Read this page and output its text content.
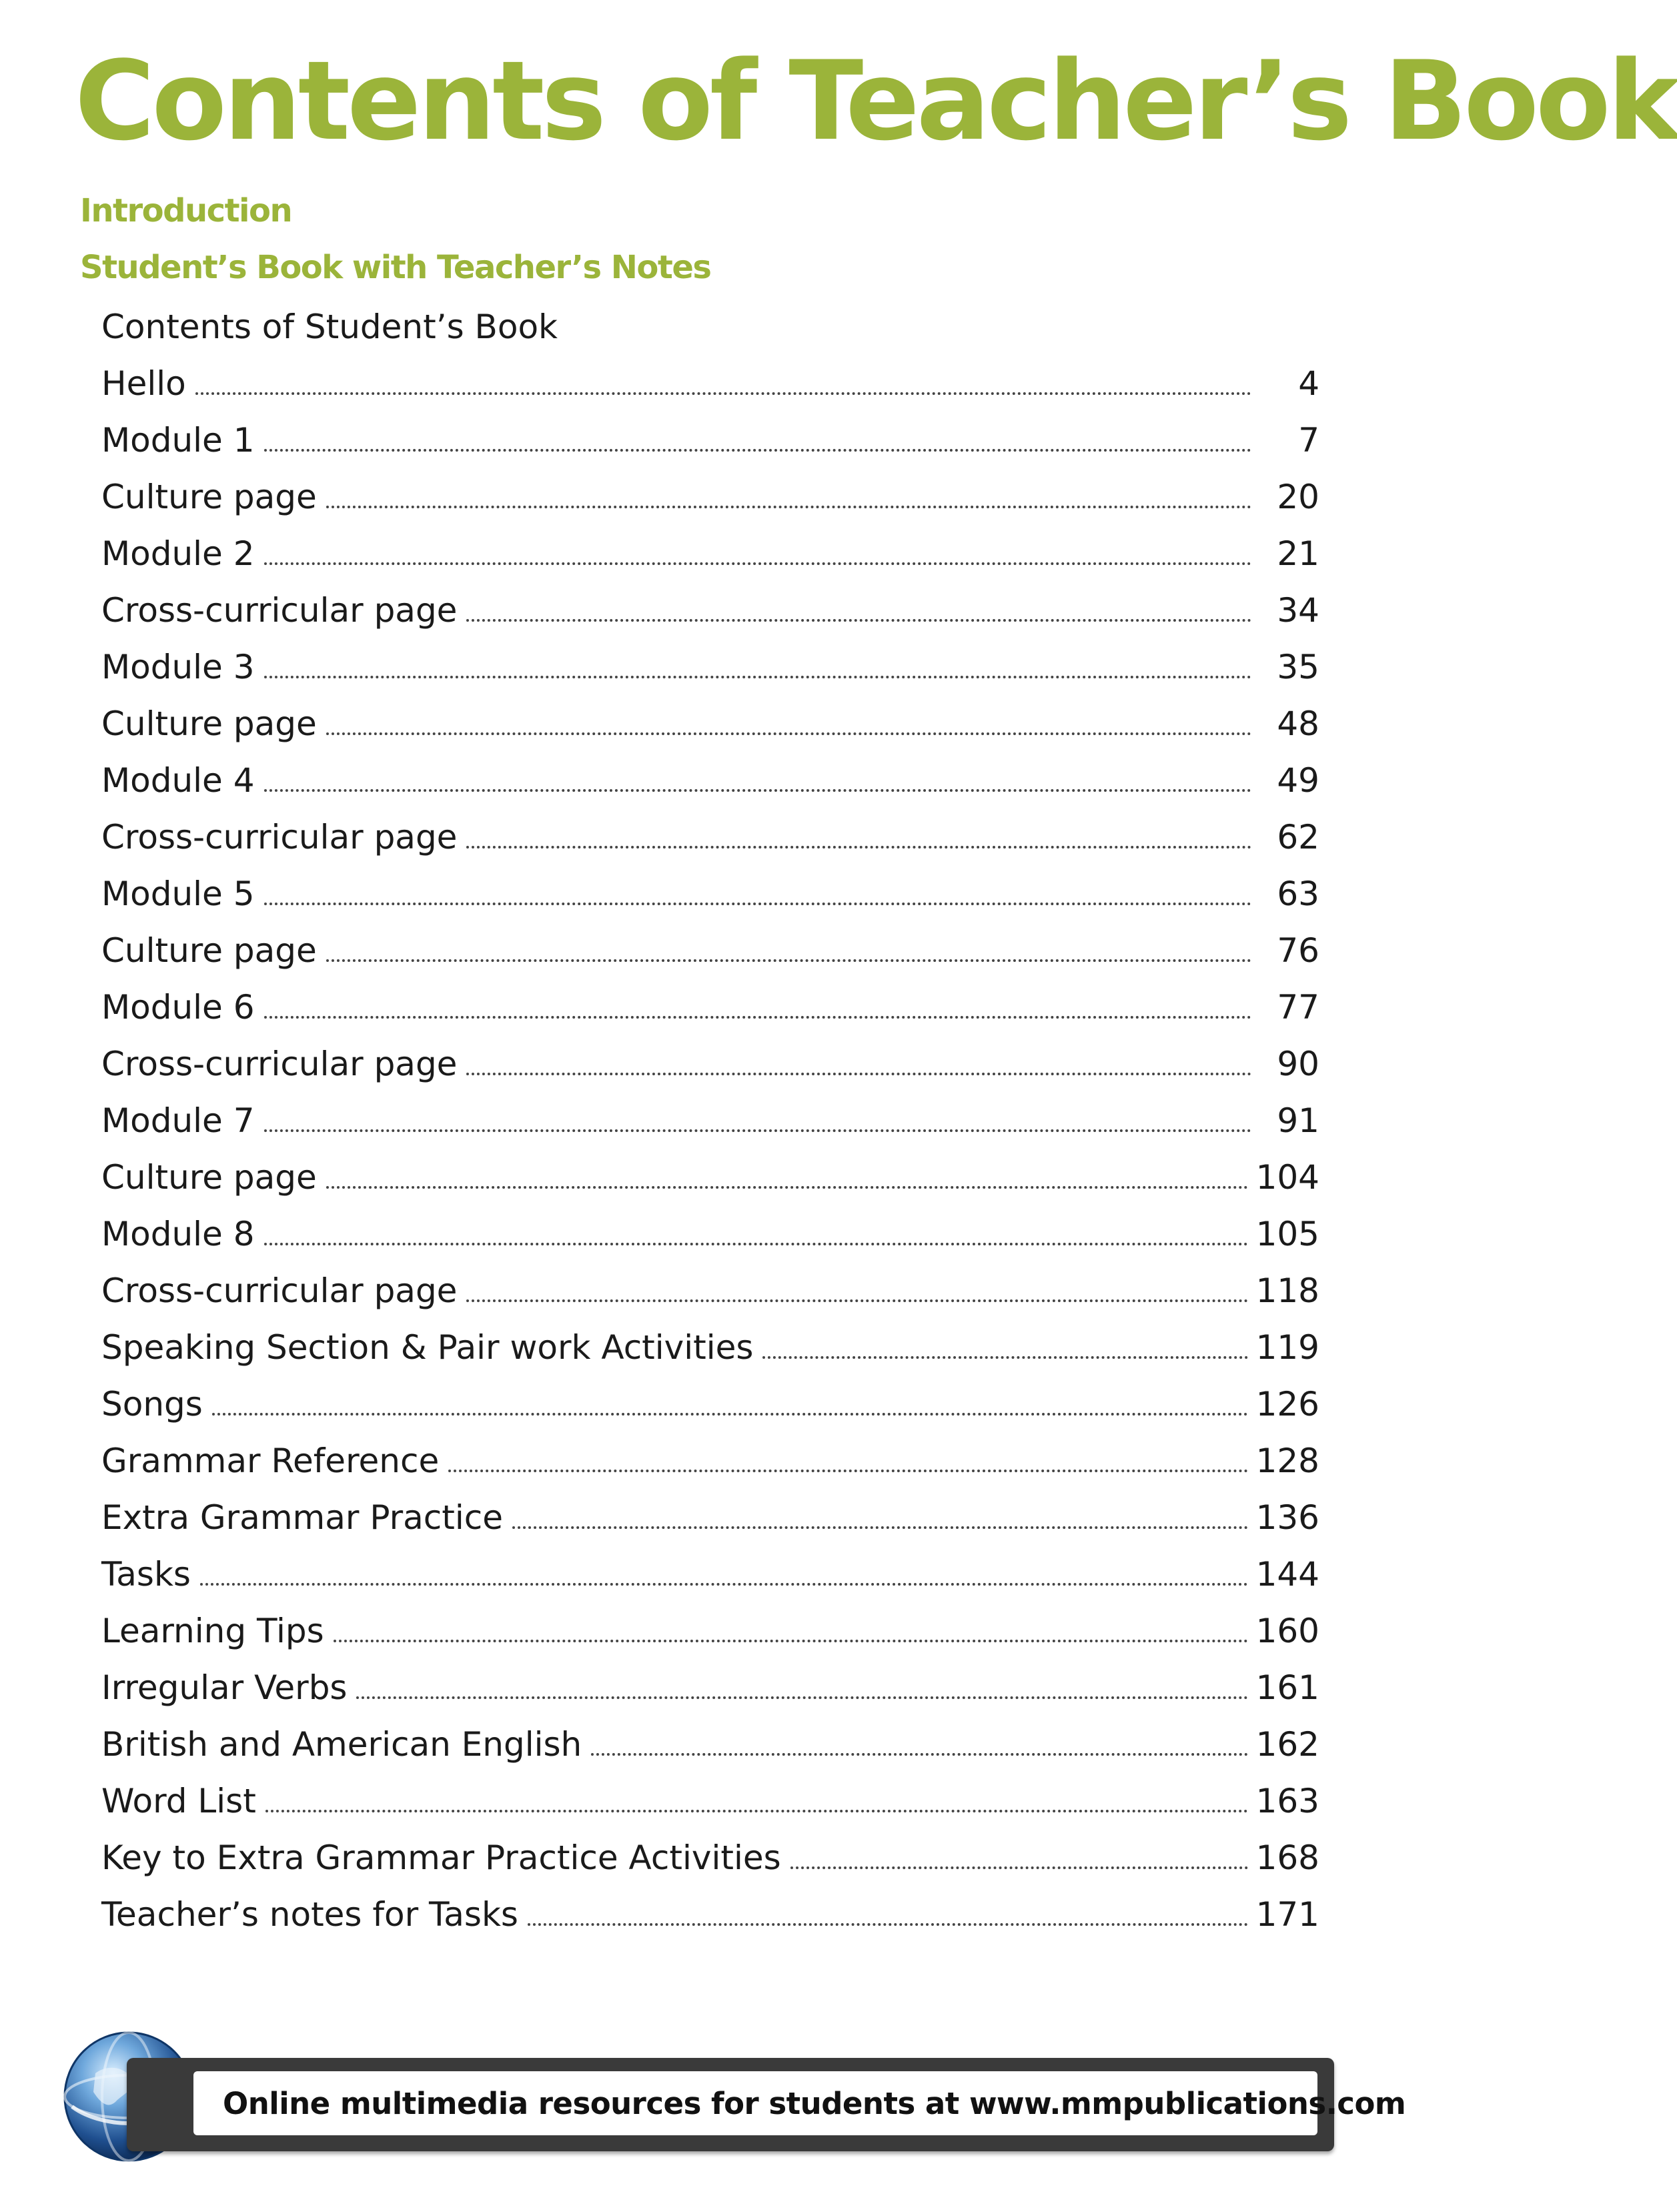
Contents of Teacher’s Book
Introduction
Student’s Book with Teacher’s Notes
Contents of Student’s Book
Hello	4
Module 1	7
Culture page	20
Module 2	21
Cross-curricular page	34
Module 3	35
Culture page	48
Module 4	49
Cross-curricular page	62
Module 5	63
Culture page	76
Module 6	77
Cross-curricular page	90
Module 7	91
Culture page	104
Module 8	105
Cross-curricular page	118
Speaking Section & Pair work Activities	119
Songs	126
Grammar Reference	128
Extra Grammar Practice	136
Tasks	144
Learning Tips	160
Irregular Verbs	161
British and American English	162
Word List	163
Key to Extra Grammar Practice Activities	168
Teacher’s notes for Tasks	171
Online multimedia resources for students at www.mmpublications.com
